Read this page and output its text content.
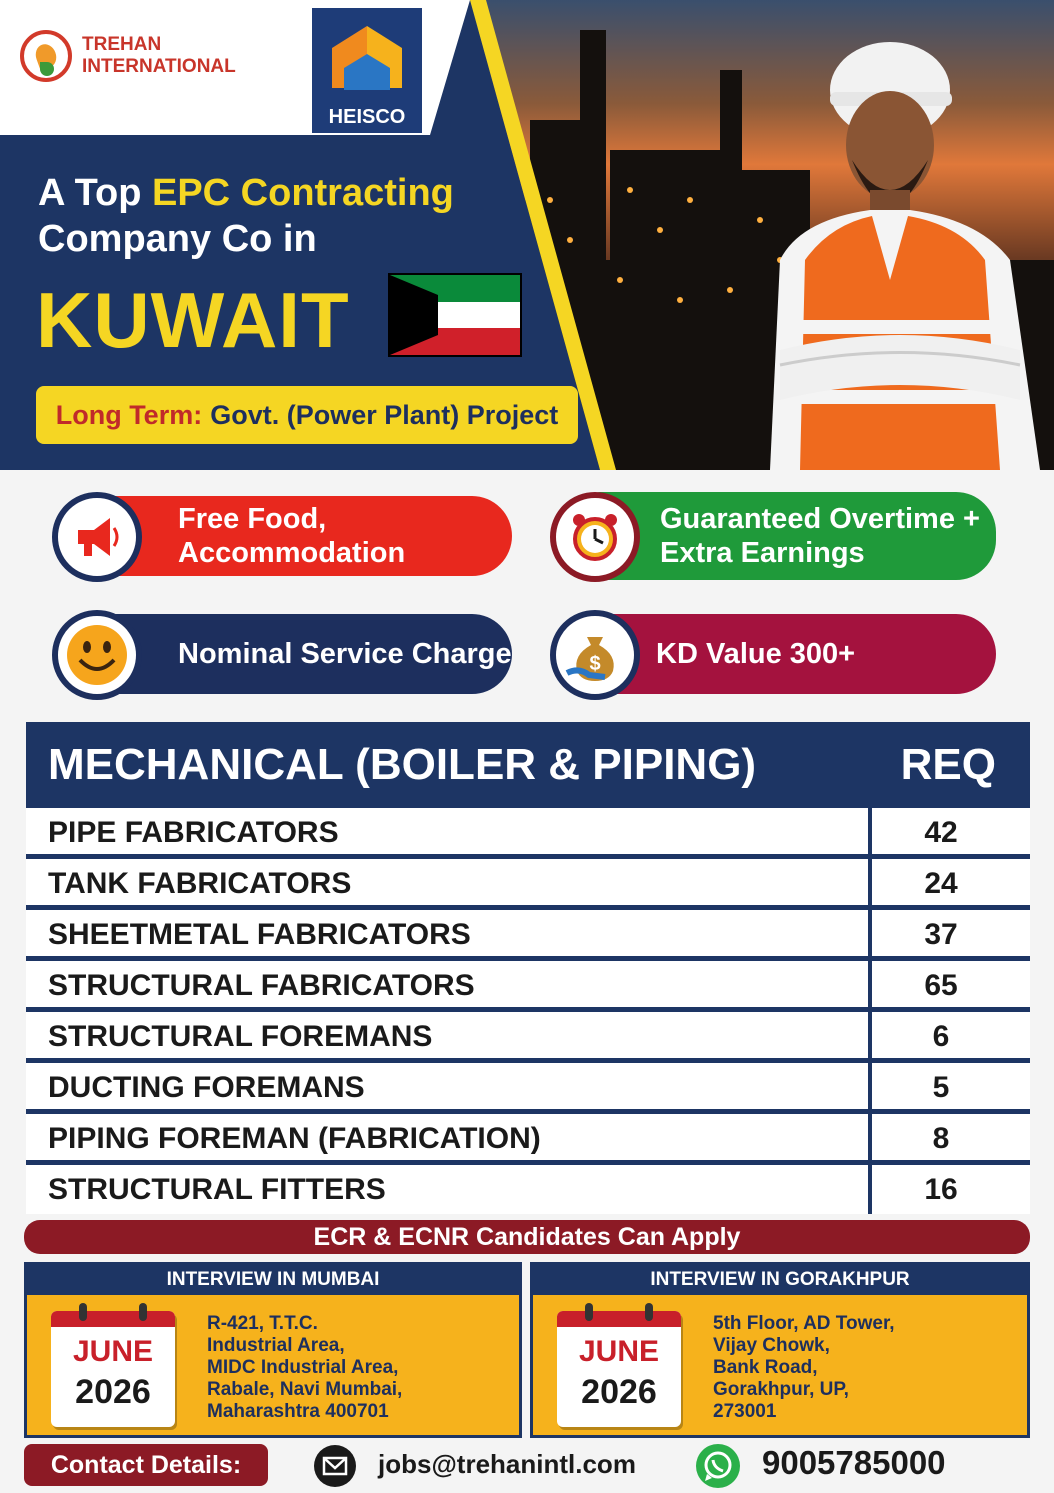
TREHAN
INTERNATIONAL
HEISCO
A Top EPC Contracting
Company Co in
KUWAIT
Long Term: Govt. (Power Plant) Project
Free Food, Accommodation
Guaranteed Overtime +
Extra Earnings
Nominal Service Charge	KD Value 300+
$
MECHANICAL (BOILER & PIPING)	REQ
PIPE FABRICATORS	42
TANK FABRICATORS	24
SHEETMETAL FABRICATORS	37
STRUCTURAL FABRICATORS	65
STRUCTURAL FOREMANS	6
DUCTING FOREMANS	5
PIPING FOREMAN (FABRICATION)	8
STRUCTURAL FITTERS	16
ECR & ECNR Candidates Can Apply
INTERVIEW IN MUMBAI
JUNE
2026
R-421, T.T.C.
Industrial Area,
MIDC Industrial Area,
Rabale, Navi Mumbai,
Maharashtra 400701
INTERVIEW IN GORAKHPUR
JUNE
2026
5th Floor, AD Tower,
Vijay Chowk,
Bank Road,
Gorakhpur, UP,
273001
Contact Details:	jobs@trehanintl.com	9005785000
